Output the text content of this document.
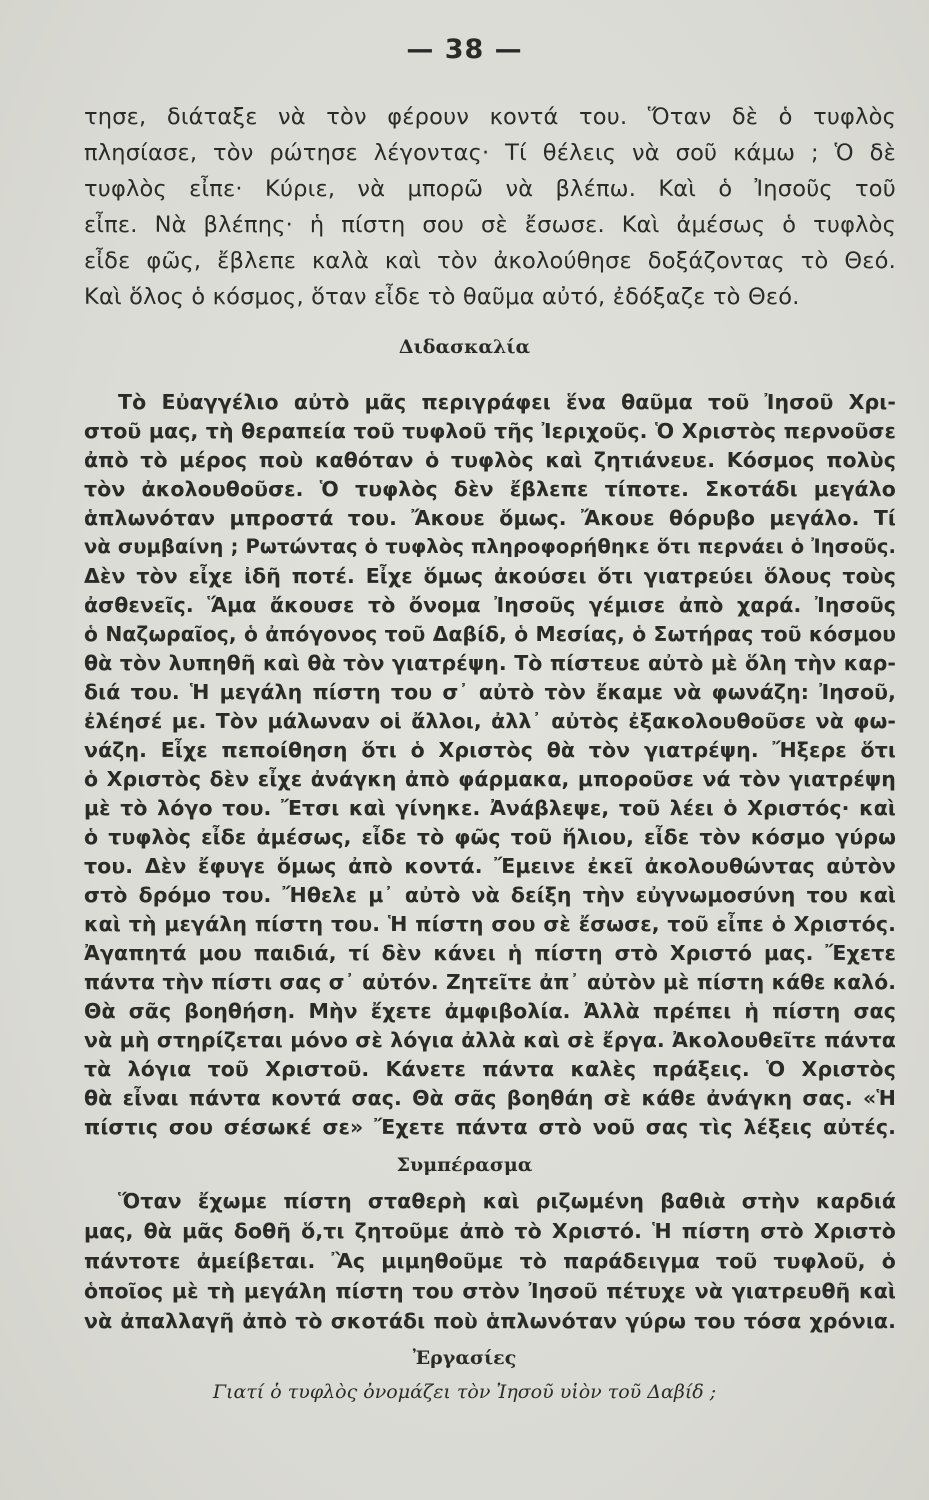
— 38 —
τησε, διάταξε νὰ τὸν φέρουν κοντά του. Ὅταν δὲ ὁ τυφλὸς
πλησίασε, τὸν ρώτησε λέγοντας· Τί θέλεις νὰ σοῦ κάμω ; Ὁ δὲ
τυφλὸς εἶπε· Κύριε, νὰ μπορῶ νὰ βλέπω. Καὶ ὁ Ἰησοῦς τοῦ
εἶπε. Νὰ βλέπης· ἡ πίστη σου σὲ ἔσωσε. Καὶ ἀμέσως ὁ τυφλὸς
εἶδε φῶς, ἔβλεπε καλὰ καὶ τὸν ἀκολούθησε δοξάζοντας τὸ Θεό.
Καὶ ὅλος ὁ κόσμος, ὅταν εἶδε τὸ θαῦμα αὐτό, ἐδόξαζε τὸ Θεό.
Διδασκαλία
Τὸ Εὐαγγέλιο αὐτὸ μᾶς περιγράφει ἕνα θαῦμα τοῦ Ἰησοῦ Χρι-
στοῦ μας, τὴ θεραπεία τοῦ τυφλοῦ τῆς Ἰεριχοῦς. Ὁ Χριστὸς περνοῦσε
ἀπὸ τὸ μέρος ποὺ καθόταν ὁ τυφλὸς καὶ ζητιάνευε. Κόσμος πολὺς
τὸν ἀκολουθοῦσε. Ὁ τυφλὸς δὲν ἔβλεπε τίποτε. Σκοτάδι μεγάλο
ἁπλωνόταν μπροστά του. Ἄκουε ὅμως. Ἄκουε θόρυβο μεγάλο. Τί
νὰ συμβαίνη ; Ρωτώντας ὁ τυφλὸς πληροφορήθηκε ὅτι περνάει ὁ Ἰησοῦς.
Δὲν τὸν εἶχε ἰδῆ ποτέ. Εἶχε ὅμως ἀκούσει ὅτι γιατρεύει ὅλους τοὺς
ἀσθενεῖς. Ἅμα ἄκουσε τὸ ὄνομα Ἰησοῦς γέμισε ἀπὸ χαρά. Ἰησοῦς
ὁ Ναζωραῖος, ὁ ἀπόγονος τοῦ Δαβίδ, ὁ Μεσίας, ὁ Σωτήρας τοῦ κόσμου
θὰ τὸν λυπηθῆ καὶ θὰ τὸν γιατρέψη. Τὸ πίστευε αὐτὸ μὲ ὅλη τὴν καρ-
διά του. Ἡ μεγάλη πίστη του σ᾽ αὐτὸ τὸν ἔκαμε νὰ φωνάζη: Ἰησοῦ,
ἐλέησέ με. Τὸν μάλωναν οἱ ἄλλοι, ἀλλ᾽ αὐτὸς ἐξακολουθοῦσε νὰ φω-
νάζη. Εἶχε πεποίθηση ὅτι ὁ Χριστὸς θὰ τὸν γιατρέψη. Ἤξερε ὅτι
ὁ Χριστὸς δὲν εἶχε ἀνάγκη ἀπὸ φάρμακα, μποροῦσε νά τὸν γιατρέψη
μὲ τὸ λόγο του. Ἔτσι καὶ γίνηκε. Ἀνάβλεψε, τοῦ λέει ὁ Χριστός· καὶ
ὁ τυφλὸς εἶδε ἀμέσως, εἶδε τὸ φῶς τοῦ ἥλιου, εἶδε τὸν κόσμο γύρω
του. Δὲν ἔφυγε ὅμως ἀπὸ κοντά. Ἔμεινε ἐκεῖ ἀκολουθώντας αὐτὸν
στὸ δρόμο του. Ἤθελε μ᾽ αὐτὸ νὰ δείξη τὴν εὐγνωμοσύνη του καὶ
καὶ τὴ μεγάλη πίστη του. Ἡ πίστη σου σὲ ἔσωσε, τοῦ εἶπε ὁ Χριστός.
Ἀγαπητά μου παιδιά, τί δὲν κάνει ἡ πίστη στὸ Χριστό μας. Ἔχετε
πάντα τὴν πίστι σας σ᾽ αὐτόν. Ζητεῖτε ἀπ᾽ αὐτὸν μὲ πίστη κάθε καλό.
Θὰ σᾶς βοηθήση. Μὴν ἔχετε ἀμφιβολία. Ἀλλὰ πρέπει ἡ πίστη σας
νὰ μὴ στηρίζεται μόνο σὲ λόγια ἀλλὰ καὶ σὲ ἔργα. Ἀκολουθεῖτε πάντα
τὰ λόγια τοῦ Χριστοῦ. Κάνετε πάντα καλὲς πράξεις. Ὁ Χριστὸς
θὰ εἶναι πάντα κοντά σας. Θὰ σᾶς βοηθάη σὲ κάθε ἀνάγκη σας. «Ἡ
πίστις σου σέσωκέ σε» Ἔχετε πάντα στὸ νοῦ σας τὶς λέξεις αὐτές.
Συμπέρασμα
Ὅταν ἔχωμε πίστη σταθερὴ καὶ ριζωμένη βαθιὰ στὴν καρδιά
μας, θὰ μᾶς δοθῆ ὅ,τι ζητοῦμε ἀπὸ τὸ Χριστό. Ἡ πίστη στὸ Χριστὸ
πάντοτε ἀμείβεται. Ἂς μιμηθοῦμε τὸ παράδειγμα τοῦ τυφλοῦ, ὁ
ὁποῖος μὲ τὴ μεγάλη πίστη του στὸν Ἰησοῦ πέτυχε νὰ γιατρευθῆ καὶ
νὰ ἀπαλλαγῆ ἀπὸ τὸ σκοτάδι ποὺ ἁπλωνόταν γύρω του τόσα χρόνια.
Ἐργασίες
Γιατί ὁ τυφλὸς ὀνομάζει τὸν Ἰησοῦ υἱὸν τοῦ Δαβίδ ;
